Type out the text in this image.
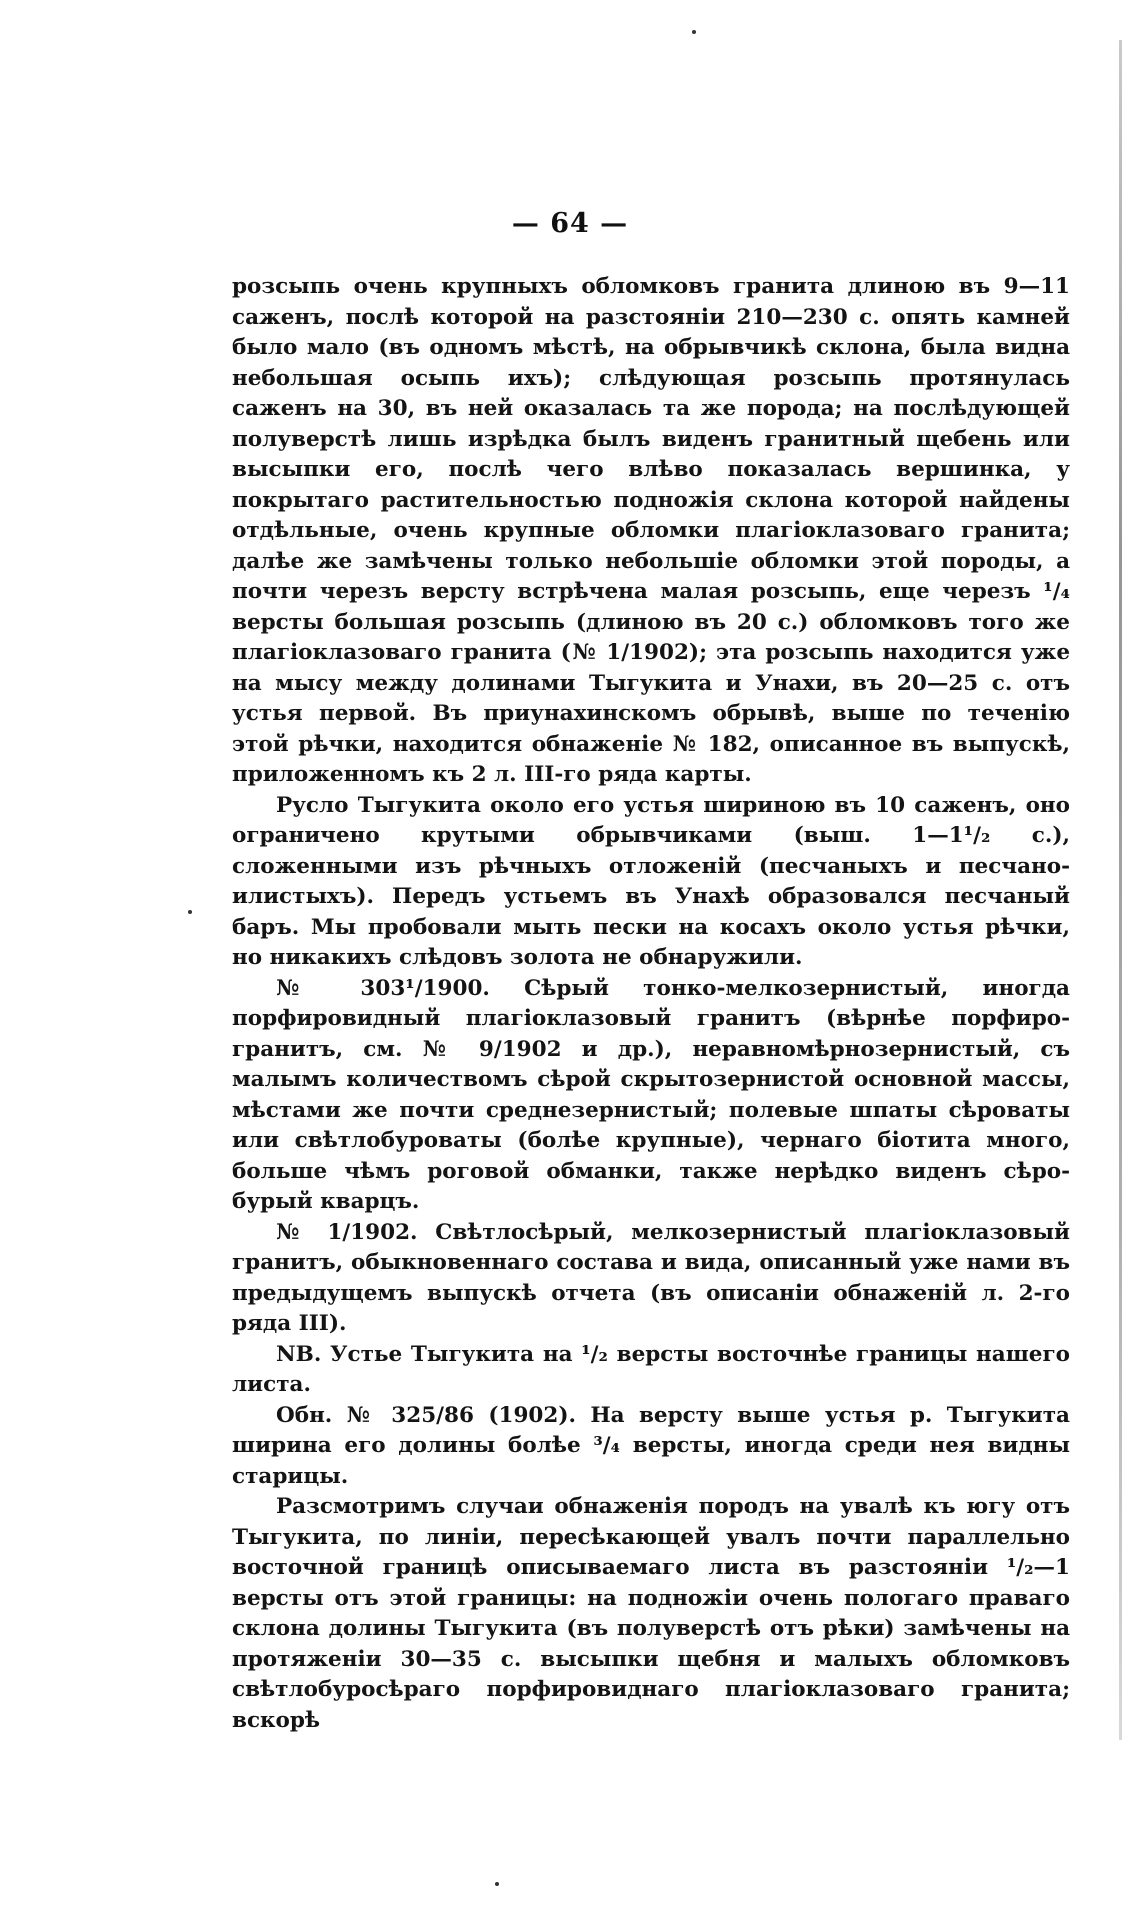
— 64 —

розсыпь очень крупныхъ обломковъ гранита длиною въ 9—11 саженъ, послѣ которой на разстояніи 210—230 с. опять камней было мало (въ одномъ мѣстѣ, на обрывчикѣ склона, была видна небольшая осыпь ихъ); слѣдующая розсыпь протянулась саженъ на 30, въ ней оказалась та же порода; на послѣдующей полуверстѣ лишь изрѣдка былъ виденъ гранитный щебень или высыпки его, послѣ чего влѣво показалась вершинка, у покрытаго растительностью подножія склона которой найдены отдѣльные, очень крупные обломки плагіоклазоваго гранита; далѣе же замѣчены только небольшіе обломки этой породы, а почти черезъ версту встрѣчена малая розсыпь, еще черезъ ¹/₄ версты большая розсыпь (длиною въ 20 с.) обломковъ того же плагіоклазоваго гранита (№ 1/1902); эта розсыпь находится уже на мысу между долинами Тыгукита и Унахи, въ 20—25 с. отъ устья первой. Въ приунахинскомъ обрывѣ, выше по теченію этой рѣчки, находится обнаженіе № 182, описанное въ выпускѣ, приложенномъ къ 2 л. III-го ряда карты.

Русло Тыгукита около его устья шириною въ 10 саженъ, оно ограничено крутыми обрывчиками (выш. 1—1¹/₂ с.), сложенными изъ рѣчныхъ отложеній (песчаныхъ и песчано-илистыхъ). Передъ устьемъ въ Унахѣ образовался песчаный баръ. Мы пробовали мыть пески на косахъ около устья рѣчки, но никакихъ слѣдовъ золота не обнаружили.

№ 303¹/1900. Сѣрый тонко-мелкозернистый, иногда порфировидный плагіоклазовый гранитъ (вѣрнѣе порфиро-гранитъ, см. № 9/1902 и др.), неравномѣрнозернистый, съ малымъ количествомъ сѣрой скрытозернистой основной массы, мѣстами же почти среднезернистый; полевые шпаты сѣроваты или свѣтлобуроваты (болѣе крупные), чернаго біотита много, больше чѣмъ роговой обманки, также нерѣдко виденъ сѣро-бурый кварцъ.

№ 1/1902. Свѣтлосѣрый, мелкозернистый плагіоклазовый гранитъ, обыкновеннаго состава и вида, описанный уже нами въ предыдущемъ выпускѣ отчета (въ описаніи обнаженій л. 2-го ряда III).

NB. Устье Тыгукита на ¹/₂ версты восточнѣе границы нашего листа.

Обн. № 325/86 (1902). На версту выше устья р. Тыгукита ширина его долины болѣе ³/₄ версты, иногда среди нея видны старицы.

Разсмотримъ случаи обнаженія породъ на увалѣ къ югу отъ Тыгукита, по линіи, пересѣкающей увалъ почти параллельно восточной границѣ описываемаго листа въ разстояніи ¹/₂—1 версты отъ этой границы: на подножіи очень пологаго праваго склона долины Тыгукита (въ полуверстѣ отъ рѣки) замѣчены на протяженіи 30—35 с. высыпки щебня и малыхъ обломковъ свѣтлобуросѣраго порфировиднаго плагіоклазоваго гранита; вскорѣ
